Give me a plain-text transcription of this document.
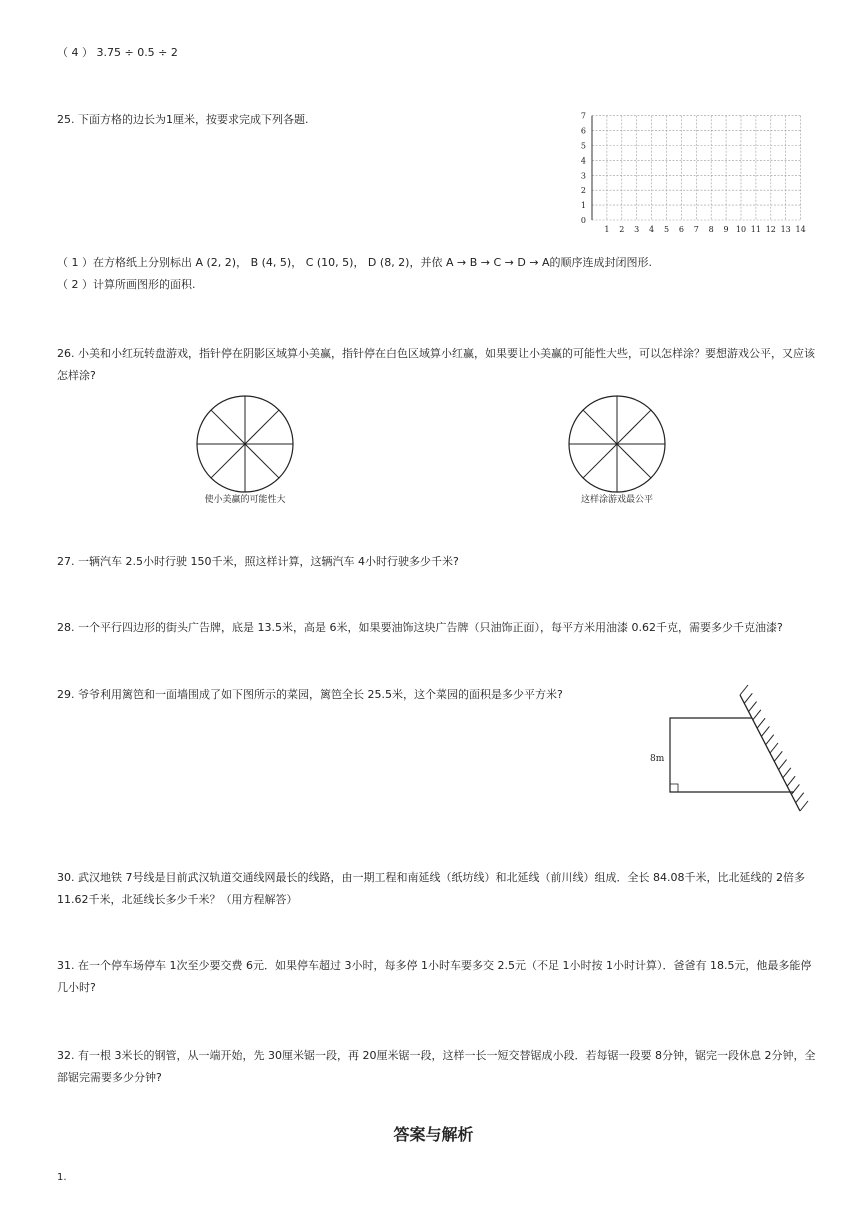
（ 4 ） 3.75 ÷ 0.5 ÷ 2
25. 下面方格的边长为1厘米，按要求完成下列各题.
1 2 3 4 5 6 7 8 9 10 11 12 13 14
0
1
2
3
4
5
6
7
（ 1 ）在方格纸上分别标出 A (2, 2)， B (4, 5)， C (10, 5)， D (8, 2)，并依 A → B → C → D → A的顺序连成封闭图形.
（ 2 ）计算所画图形的面积.
26. 小美和小红玩转盘游戏，指针停在阴影区域算小美赢，指针停在白色区域算小红赢，如果要让小美赢的可能性大些，可以怎样涂？要想游戏公平，又应该怎样涂?
使小美赢的可能性大	这样涂游戏最公平
27. 一辆汽车 2.5小时行驶 150千米，照这样计算，这辆汽车 4小时行驶多少千米?
28. 一个平行四边形的街头广告牌，底是 13.5米，高是 6米，如果要油饰这块广告牌（只油饰正面），每平方米用油漆 0.62千克，需要多少千克油漆?
29. 爷爷利用篱笆和一面墙围成了如下图所示的菜园，篱笆全长 25.5米，这个菜园的面积是多少平方米?
8m
30. 武汉地铁 7号线是目前武汉轨道交通线网最长的线路，由一期工程和南延线（纸坊线）和北延线（前川线）组成．全长 84.08千米，比北延线的 2倍多 11.62千米，北延线长多少千米？（用方程解答）
31. 在一个停车场停车 1次至少要交费 6元．如果停车超过 3小时，每多停 1小时车要多交 2.5元（不足 1小时按 1小时计算）．爸爸有 18.5元，他最多能停几小时?
32. 有一根 3米长的钢管，从一端开始，先 30厘米锯一段，再 20厘米锯一段，这样一长一短交替锯成小段．若每锯一段要 8分钟，锯完一段休息 2分钟，全部锯完需要多少分钟?
答案与解析
1.
